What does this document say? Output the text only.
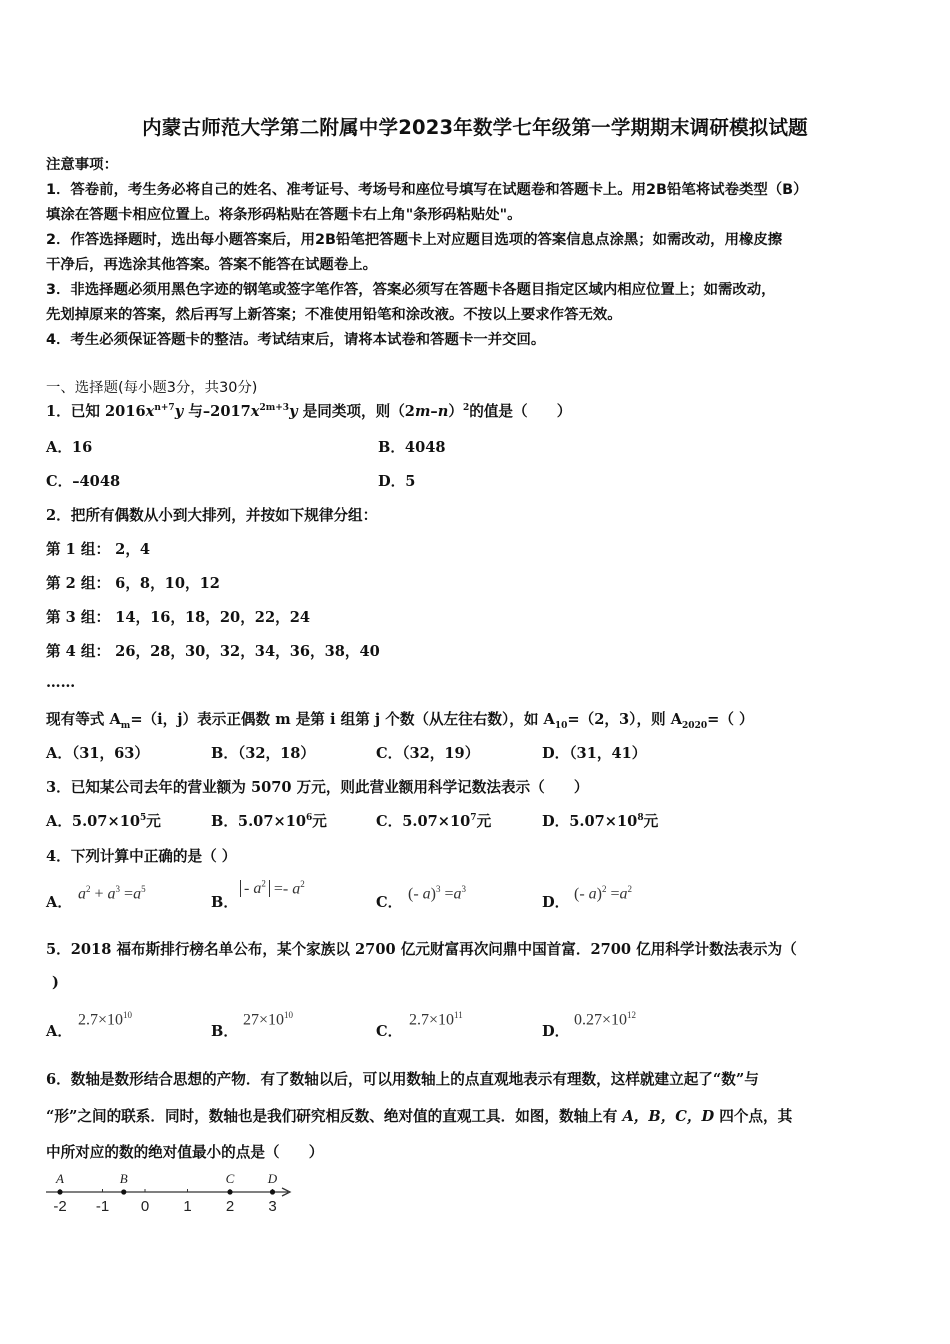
内蒙古师范大学第二附属中学2023年数学七年级第一学期期末调研模拟试题
注意事项：
1．答卷前，考生务必将自己的姓名、准考证号、考场号和座位号填写在试题卷和答题卡上。用2B铅笔将试卷类型（B）
填涂在答题卡相应位置上。将条形码粘贴在答题卡右上角"条形码粘贴处"。
2．作答选择题时，选出每小题答案后，用2B铅笔把答题卡上对应题目选项的答案信息点涂黑；如需改动，用橡皮擦
干净后，再选涂其他答案。答案不能答在试题卷上。
3．非选择题必须用黑色字迹的钢笔或签字笔作答，答案必须写在答题卡各题目指定区域内相应位置上；如需改动，
先划掉原来的答案，然后再写上新答案；不准使用铅笔和涂改液。不按以上要求作答无效。
4．考生必须保证答题卡的整洁。考试结束后，请将本试卷和答题卡一并交回。
一、选择题(每小题3分，共30分)
1．已知 $2016x^{n+7}y$ 与$-2017x^{2m+3}y$ 是同类项，则$(2m-n)^2$的值是（　　）
A．16	B．4048
C．–4048	D．5
2．把所有偶数从小到大排列，并按如下规律分组：
第 1 组： 2，4
第 2 组： 6，8，10，12
第 3 组： 14，16，18，20，22，24
第 4 组： 26，28，30，32，34，36，38，40
……
现有等式 $A_m=(i$，j）表示正偶数 m 是第 i 组第 j 个数（从左往右数），如 $A_{10}=(2$，3），则 $A_{2020}=$（ ）
A．（31，63）	B．（32，18）	C．（32，19）	D．（31，41）
3．已知某公司去年的营业额为 5070 万元，则此营业额用科学记数法表示（　　）
A．$5.07\times 10^5$元	B．$5.07\times 10^6$元	C．$5.07\times 10^7$元	D．$5.07\times 10^8$元
4．下列计算中正确的是（ ）
A．
$a^2 + a^3 =a^5$
B．
- $a^2 =- a^2$
C．
(- $a)^3 =a^3$
D．
(- $a)^2 =a^2$
5．2018 福布斯排行榜名单公布，某个家族以 2700 亿元财富再次问鼎中国首富．2700 亿用科学计数法表示为（
)
A．
$2.7\times 10^{10}$
B．
$27\times 10^{10}$
C．
$2.7\times 10^{11}$
D．
$0.27\times 10^{12}$
6．数轴是数形结合思想的产物．有了数轴以后，可以用数轴上的点直观地表示有理数，这样就建立起了“数”与
“形”之间的联系．同时，数轴也是我们研究相反数、绝对值的直观工具．如图，数轴上有 A，B，C，D 四个点，其
中所对应的数的绝对值最小的点是（　　）
-2 -1 0 1 2 3
A	B	C	D
